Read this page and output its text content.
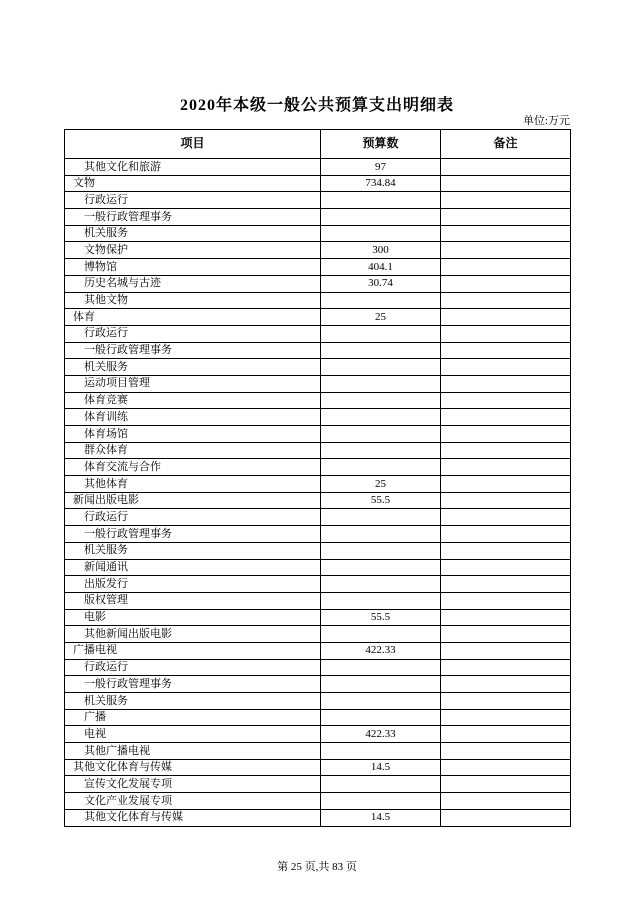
2020年本级一般公共预算支出明细表
单位:万元
项目	预算数	备注
其他文化和旅游	97	
文物	734.84	
行政运行		
一般行政管理事务		
机关服务		
文物保护	300	
博物馆	404.1	
历史名城与古迹	30.74	
其他文物		
体育	25	
行政运行		
一般行政管理事务		
机关服务		
运动项目管理		
体育竞赛		
体育训练		
体育场馆		
群众体育		
体育交流与合作		
其他体育	25	
新闻出版电影	55.5	
行政运行		
一般行政管理事务		
机关服务		
新闻通讯		
出版发行		
版权管理		
电影	55.5	
其他新闻出版电影		
广播电视	422.33	
行政运行		
一般行政管理事务		
机关服务		
广播		
电视	422.33	
其他广播电视		
其他文化体育与传媒	14.5	
宣传文化发展专项		
文化产业发展专项		
其他文化体育与传媒	14.5	
第 25 页,共 83 页
